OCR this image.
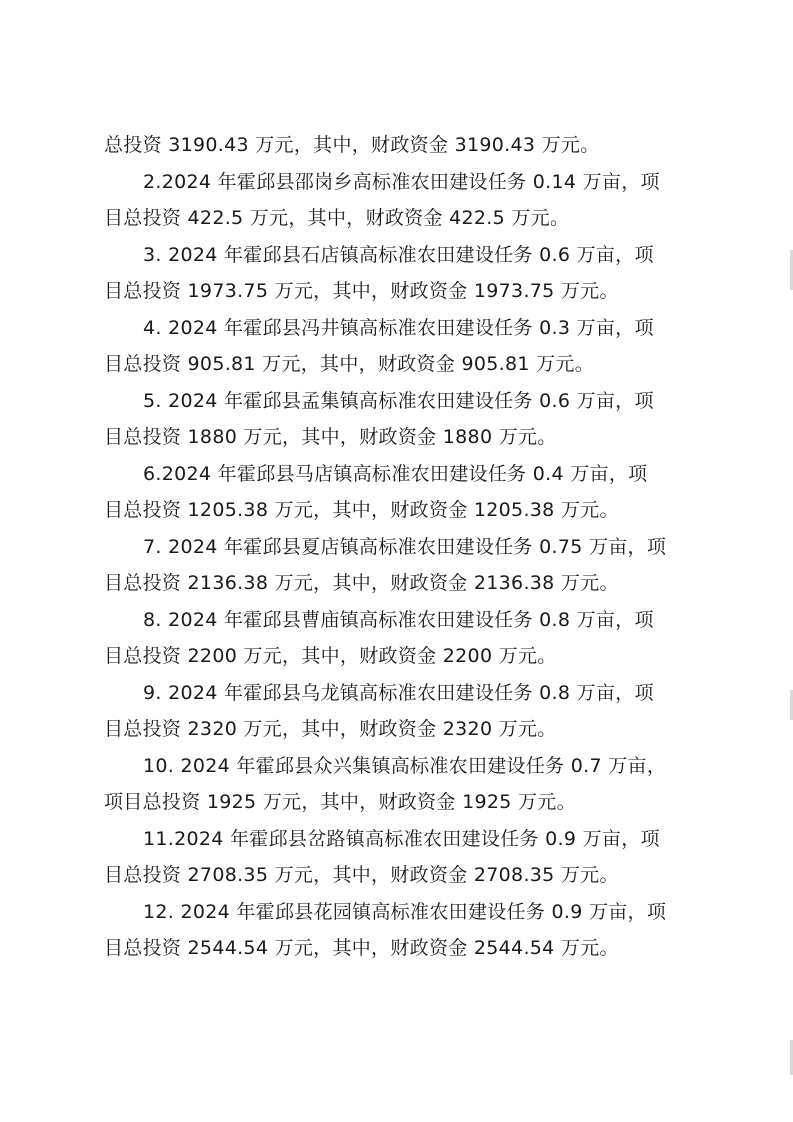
总投资 3190.43 万元，其中，财政资金 3190.43 万元。
2.2024 年霍邱县邵岗乡高标准农田建设任务 0.14 万亩，项
目总投资 422.5 万元，其中，财政资金 422.5 万元。
3. 2024 年霍邱县石店镇高标准农田建设任务 0.6 万亩，项
目总投资 1973.75 万元，其中，财政资金 1973.75 万元。
4. 2024 年霍邱县冯井镇高标准农田建设任务 0.3 万亩，项
目总投资 905.81 万元，其中，财政资金 905.81 万元。
5. 2024 年霍邱县孟集镇高标准农田建设任务 0.6 万亩，项
目总投资 1880 万元，其中，财政资金 1880 万元。
6.2024 年霍邱县马店镇高标准农田建设任务 0.4 万亩，项
目总投资 1205.38 万元，其中，财政资金 1205.38 万元。
7. 2024 年霍邱县夏店镇高标准农田建设任务 0.75 万亩，项
目总投资 2136.38 万元，其中，财政资金 2136.38 万元。
8. 2024 年霍邱县曹庙镇高标准农田建设任务 0.8 万亩，项
目总投资 2200 万元，其中，财政资金 2200 万元。
9. 2024 年霍邱县乌龙镇高标准农田建设任务 0.8 万亩，项
目总投资 2320 万元，其中，财政资金 2320 万元。
10. 2024 年霍邱县众兴集镇高标准农田建设任务 0.7 万亩，
项目总投资 1925 万元，其中，财政资金 1925 万元。
11.2024 年霍邱县岔路镇高标准农田建设任务 0.9 万亩，项
目总投资 2708.35 万元，其中，财政资金 2708.35 万元。
12. 2024 年霍邱县花园镇高标准农田建设任务 0.9 万亩，项
目总投资 2544.54 万元，其中，财政资金 2544.54 万元。
